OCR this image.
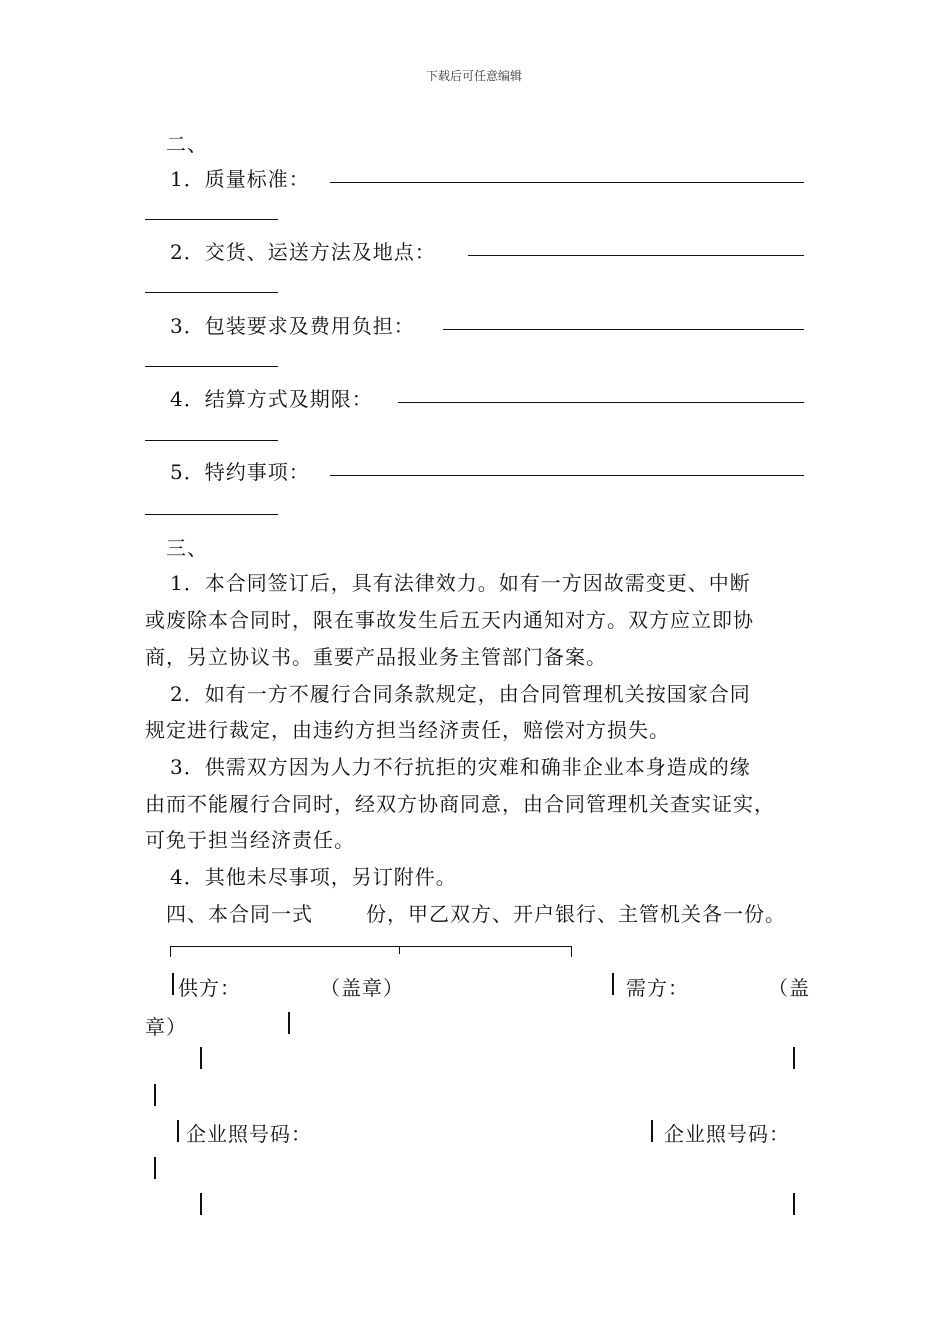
下载后可任意编辑
二、
1．质量标准：
2．交货、运送方法及地点：
3．包装要求及费用负担：
4．结算方式及期限：
5．特约事项：
三、
1．本合同签订后，具有法律效力。如有一方因故需变更、中断
或废除本合同时，限在事故发生后五天内通知对方。双方应立即协
商，另立协议书。重要产品报业务主管部门备案。
2．如有一方不履行合同条款规定，由合同管理机关按国家合同
规定进行裁定，由违约方担当经济责任，赔偿对方损失。
3．供需双方因为人力不行抗拒的灾难和确非企业本身造成的缘
由而不能履行合同时，经双方协商同意，由合同管理机关查实证实，
可免于担当经济责任。
4．其他未尽事项，另订附件。
四、本合同一式	份，甲乙双方、开户银行、主管机关各一份。
供方：	（盖章）	需方：	（盖
章）
企业照号码：	企业照号码：
